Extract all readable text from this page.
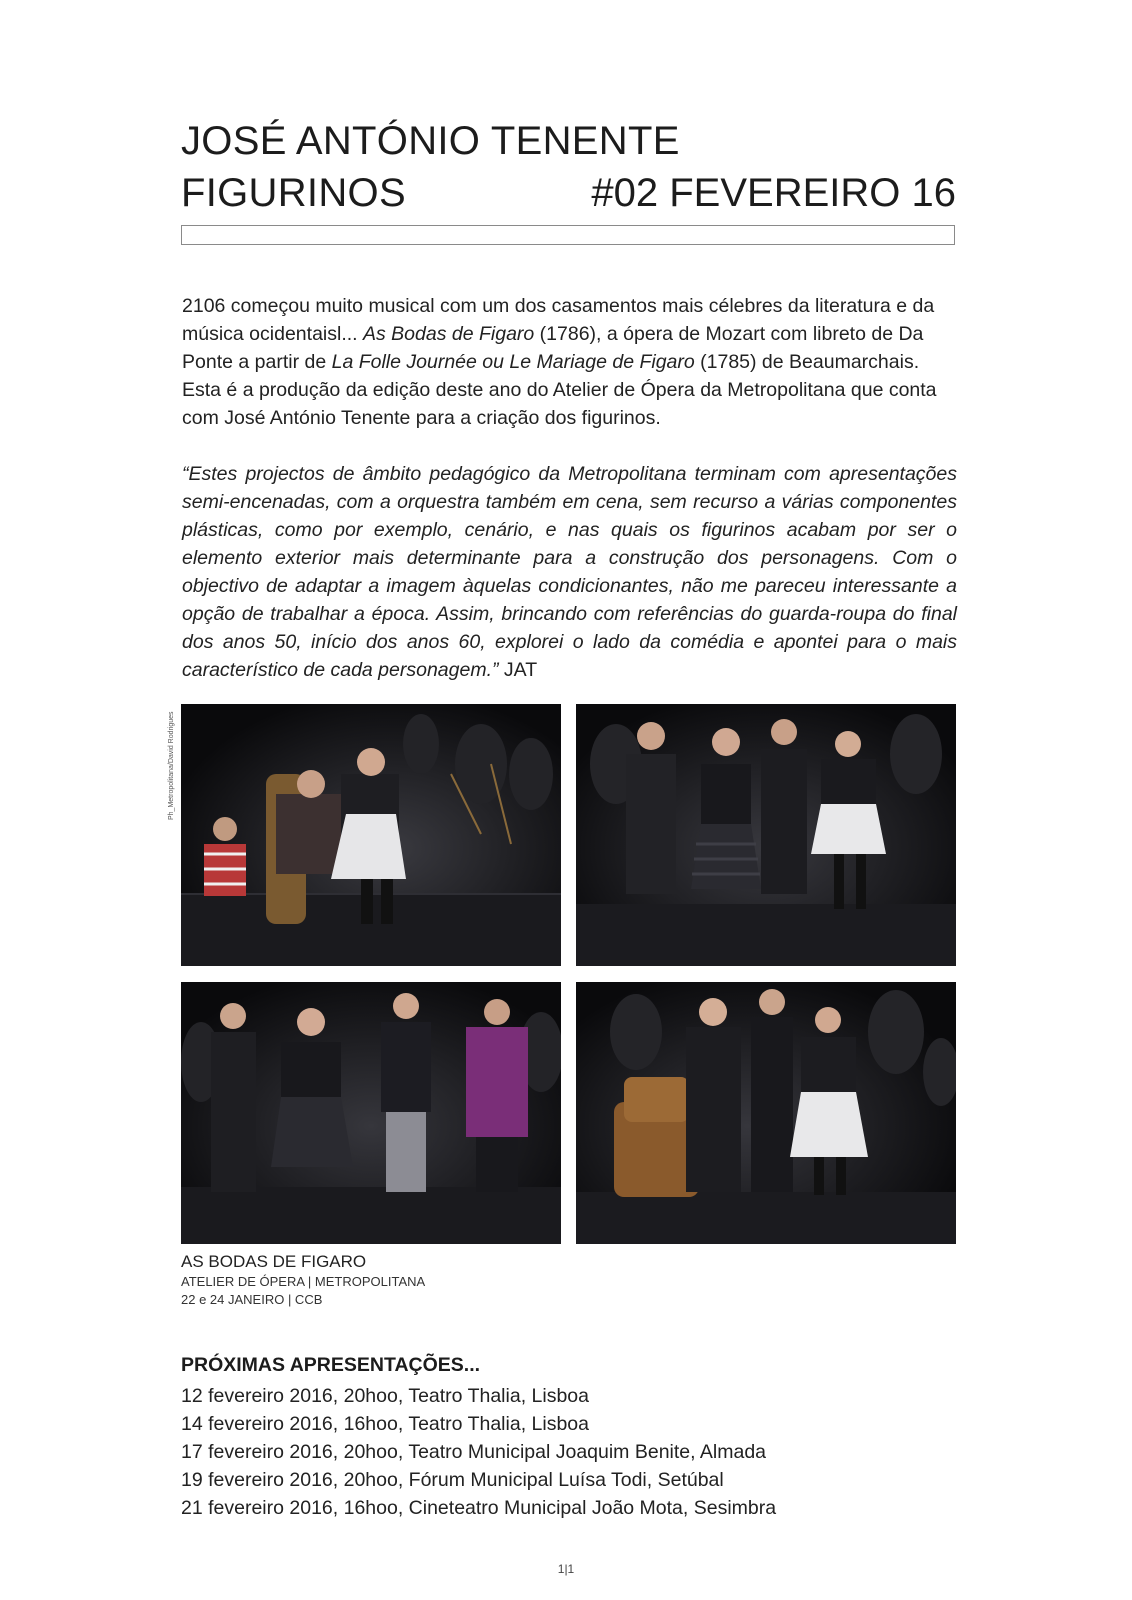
JOSÉ ANTÓNIO TENENTE
FIGURINOS	#02 FEVEREIRO 16

2106 começou muito musical com um dos casamentos mais célebres da literatura e da música ocidentaisl... As Bodas de Figaro (1786), a ópera de Mozart com libreto de Da Ponte a partir de La Folle Journée ou Le Mariage de Figaro (1785) de Beaumarchais. Esta é a produção da edição deste ano do Atelier de Ópera da Metropolitana que conta com José António Tenente para a criação dos figurinos.

“Estes projectos de âmbito pedagógico da Metropolitana terminam com apresentações semi-encenadas, com a orquestra também em cena, sem recurso a várias componentes plásticas, como por exemplo, cenário, e nas quais os figurinos acabam por ser o elemento exterior mais determinante para a construção dos personagens. Com o objectivo de adaptar a imagem àquelas condicionantes, não me pareceu interessante a opção de trabalhar a época. Assim, brincando com referências do guarda-roupa do final dos anos 50, início dos anos 60, explorei o lado da comédia e apontei para o mais característico de cada personagem.” JAT

Ph_Metropolitana/David Rodrigues
AS BODAS DE FIGARO
ATELIER DE ÓPERA | METROPOLITANA
22 e 24 JANEIRO | CCB
PRÓXIMAS APRESENTAÇÕES...
12 fevereiro 2016, 20hoo, Teatro Thalia, Lisboa
14 fevereiro 2016, 16hoo, Teatro Thalia, Lisboa
17 fevereiro 2016, 20hoo, Teatro Municipal Joaquim Benite, Almada
19 fevereiro 2016, 20hoo, Fórum Municipal Luísa Todi, Setúbal
21 fevereiro 2016, 16hoo, Cineteatro Municipal João Mota, Sesimbra
1|1
